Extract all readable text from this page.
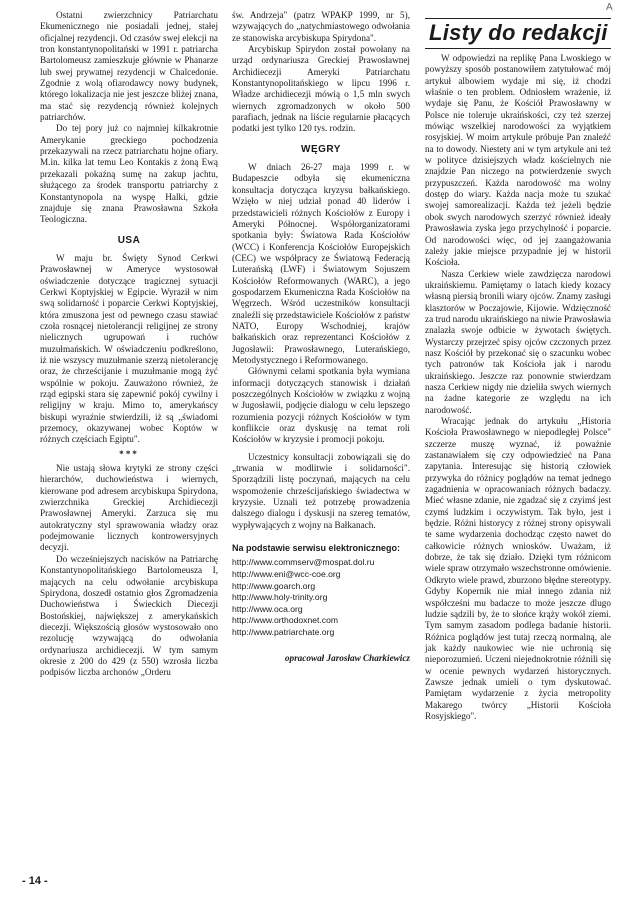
A

Ostatni zwierzchnicy Patriarchatu Ekumenicznego nie posiadali jednej, stałej oficjalnej rezydencji. Od czasów swej elekcji na tron konstantynopolitański w 1991 r. patriarcha Bartolomeusz zamieszkuje głównie w Phanarze lub swej prywatnej rezydencji w Chalcedonie. Zgodnie z wolą ofiarodawcy nowy budynek, którego lokalizacja nie jest jeszcze bliżej znana, ma stać się rezydencją również kolejnych patriarchów.

Do tej pory już co najmniej kilkakrotnie Amerykanie greckiego pochodzenia przekazywali na rzecz patriarchatu hojne ofiary. M.in. kilka lat temu Leo Kontakis z żoną Ewą przekazali pokaźną sumę na zakup jachtu, służącego za środek transportu patriarchy z Konstantynopola na wyspę Halki, gdzie znajduje się znana Prawosławna Szkoła Teologiczna.

USA

W maju br. Święty Synod Cerkwi Prawosławnej w Ameryce wystosował oświadczenie dotyczące tragicznej sytuacji Cerkwi Koptyjskiej w Egipcie. Wyraził w nim swą solidarność i poparcie Cerkwi Koptyjskiej, która zmuszona jest od pewnego czasu stawiać czoła rosnącej nietolerancji religijnej ze strony nielicznych ugrupowań i ruchów muzułmańskich. W oświadczeniu podkreślono, iż nie wszyscy muzułmanie szerzą nietolerancję oraz, że chrześcijanie i muzułmanie mogą żyć wspólnie w pokoju. Zauważono również, że rząd egipski stara się zapewnić pokój cywilny i religijny w kraju. Mimo to, amerykańscy biskupi wyraźnie stwierdzili, iż są „świadomi przemocy, okazywanej wobec Koptów w różnych częściach Egiptu".

***

Nie ustają słowa krytyki ze strony części hierarchów, duchowieństwa i wiernych, kierowane pod adresem arcybiskupa Spirydona, zwierzchnika Greckiej Archidiecezji Prawosławnej Ameryki. Zarzuca się mu autokratyczny styl sprawowania władzy oraz podejmowanie licznych kontrowersyjnych decyzji.

Do wcześniejszych nacisków na Patriarchę Konstantynopolitańskiego Bartolomeusza I, mających na celu odwołanie arcybiskupa Spirydona, doszedł ostatnio głos Zgromadzenia Duchowieństwa i Świeckich Diecezji Bostońskiej, największej z amerykańskich diecezji. Większością głosów wystosowało ono rezolucję wzywającą do odwołania ordynariusza archidiecezji. W tym samym okresie z 200 do 429 (z 550) wzrosła liczba podpisów liczba archonów „Orderu

św. Andrzeja" (patrz WPAKP 1999, nr 5), wzywających do „natychmiastowego odwołania ze stanowiska arcybiskupa Spirydona".

Arcybiskup Spirydon został powołany na urząd ordynariusza Greckiej Prawosławnej Archidiecezji Ameryki Patriarchatu Konstantynopolitańskiego w lipcu 1996 r. Władze archidiecezji mówią o 1,5 mln swych wiernych zgromadzonych w około 500 parafiach, jednak na liście regularnie płacących podatki jest tylko 120 tys. rodzin.

WĘGRY

W dniach 26-27 maja 1999 r. w Budapeszcie odbyła się ekumeniczna konsultacja dotycząca kryzysu bałkańskiego. Wzięło w niej udział ponad 40 liderów i przedstawicieli różnych Kościołów z Europy i Ameryki Północnej. Współorganizatorami spotkania były: Światowa Rada Kościołów (WCC) i Konferencja Kościołów Europejskich (CEC) we współpracy ze Światową Federacją Luterańską (LWF) i Światowym Sojuszem Kościołów Reformowanych (WARC), a jego gospodarzem Ekumeniczna Rada Kościołów na Węgrzech. Wśród uczestników konsultacji znaleźli się przedstawiciele Kościołów z państw NATO, Europy Wschodniej, krajów bałkańskich oraz reprezentanci Kościołów z Jugosławii: Prawosławnego, Luterańskiego, Metodystycznego i Reformowanego.

Głównymi celami spotkania była wymiana informacji dotyczących stanowisk i działań poszczególnych Kościołów w związku z wojną w Jugosławii, podjęcie dialogu w celu lepszego rozumienia pozycji różnych Kościołów w tym konflikcie oraz dyskusję na temat roli Kościołów w kryzysie i promocji pokoju.

Uczestnicy konsultacji zobowiązali się do „trwania w modlitwie i solidarności". Sporządzili listę poczynań, mających na celu wspomożenie chrześcijańskiego świadectwa w kryzysie. Uznali też potrzebę prowadzenia dalszego dialogu i dyskusji na szereg tematów, wypływających z wojny na Bałkanach.

Na podstawie serwisu elektronicznego:
http://www.commserv@mospat.dol.ru
http://www.eni@wcc-coe.org
http://www.goarch.org
http://www.holy-trinity.org
http://www.oca.org
http://www.orthodoxnet.com
http://www.patriarchate.org
opracował Jarosław Charkiewicz
Listy do redakcji

W odpowiedzi na replikę Pana Lwoskiego w powyższy sposób postanowiłem zatytułować mój artykuł albowiem wydaje mi się, iż chodzi właśnie o ten problem. Odniosłem wrażenie, iż wydaje się Panu, że Kościół Prawosławny w Polsce nie toleruje ukraińskości, czy też szerzej mówiąc wszelkiej narodowości za wyjątkiem rosyjskiej. W moim artykule próbuje Pan znaleźć na to dowody. Niestety ani w tym artykule ani też w polityce dzisiejszych władz kościelnych nie znajdzie Pan niczego na potwierdzenie swych przypuszczeń. Każda narodowość ma wolny dostęp do wiary. Każda nacja może tu szukać swojej samorealizacji. Każda też jeżeli będzie obok swych narodowych szerzyć również ideały Prawosławia zyska jego przychylność i poparcie. Od narodowości więc, od jej zaangażowania zależy jakie miejsce przypadnie jej w historii Kościoła.

Nasza Cerkiew wiele zawdzięcza narodowi ukraińskiemu. Pamiętamy o latach kiedy kozacy własną piersią bronili wiary ojców. Znamy zasługi klasztorów w Poczajowie, Kijowie. Wdzięczność za trud narodu ukraińskiego na niwie Prawosławia znalazła swoje odbicie w żywotach świętych. Wystarczy przejrzeć spisy ojców czczonych przez nasz Kościół by przekonać się o szacunku wobec tych patronów tak Kościoła jak i narodu ukraińskiego. Jeszcze raz ponownie stwierdzam nasza Cerkiew nigdy nie dzieliła swych wiernych na żadne kategorie ze względu na ich narodowość.

Wracając jednak do artykułu „Historia Kościoła Prawosławnego w niepodległej Polsce" szczerze muszę wyznać, iż poważnie zastanawiałem się czy odpowiedzieć na Pana zapytania. Interesując się historią człowiek przywyka do różnicy poglądów na temat jednego zagadnienia w opracowaniach różnych badaczy. Mieć własne zdanie, nie zgadzać się z czyimś jest czymś ludzkim i oczywistym. Tak było, jest i będzie. Różni historycy z różnej strony opisywali te same wydarzenia dochodząc często nawet do całkowicie różnych wniosków. Uważam, iż dobrze, że tak się działo. Dzięki tym różnicom wiele spraw otrzymało wszechstronne omówienie. Odkryto wiele prawd, zburzono błędne stereotypy. Gdyby Kopernik nie miał innego zdania niż współcześni mu badacze to może jeszcze dlugo ludzie sądzili by, że to słońce krąży wokół ziemi. Tym samym zasadom podlega badanie historii. Różnica poglądów jest tutaj rzeczą normalną, ale jak każdy naukowiec wie nie uchronią się nieporozumień. Uczeni niejednokrotnie różnili się w ocenie pewnych wydarzeń historycznych. Zawsze jednak umieli o tym dyskutować. Pamiętam wydarzenie z życia metropolity Makarego twórcy „Historii Kościoła Rosyjskiego".

- 14 -
